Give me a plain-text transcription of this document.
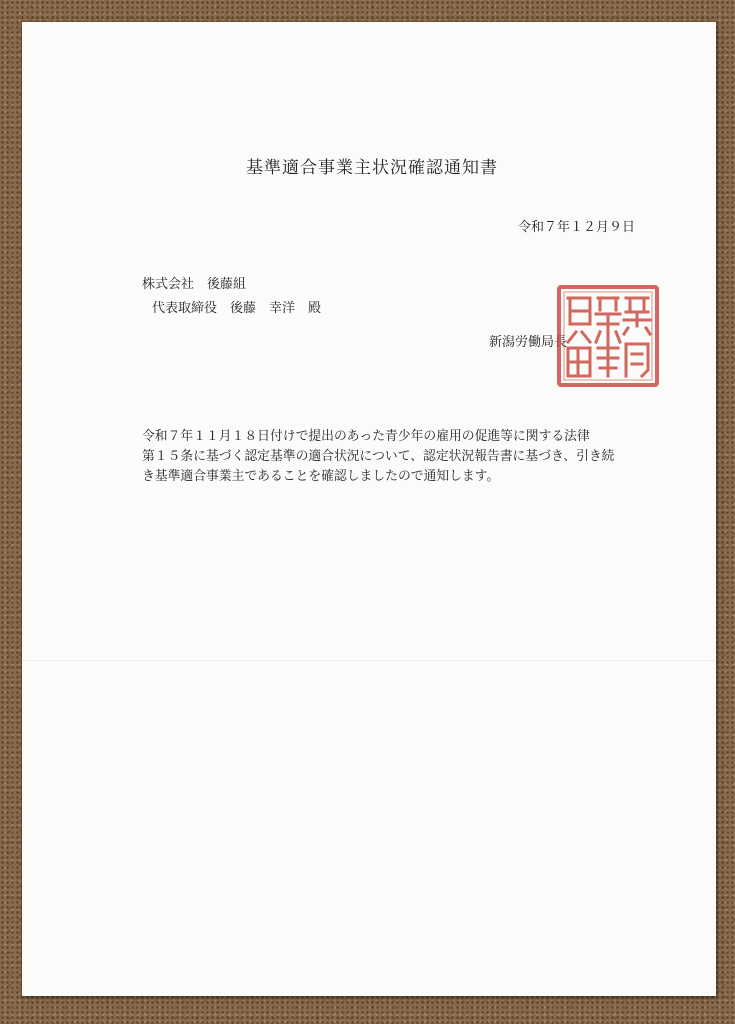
基準適合事業主状況確認通知書
令和７年１２月９日
株式会社　後藤組
代表取締役　後藤　幸洋　殿
新潟労働局長
令和７年１１月１８日付けで提出のあった青少年の雇用の促進等に関する法律
第１５条に基づく認定基準の適合状況について、認定状況報告書に基づき、引き続
き基準適合事業主であることを確認しましたので通知します。
